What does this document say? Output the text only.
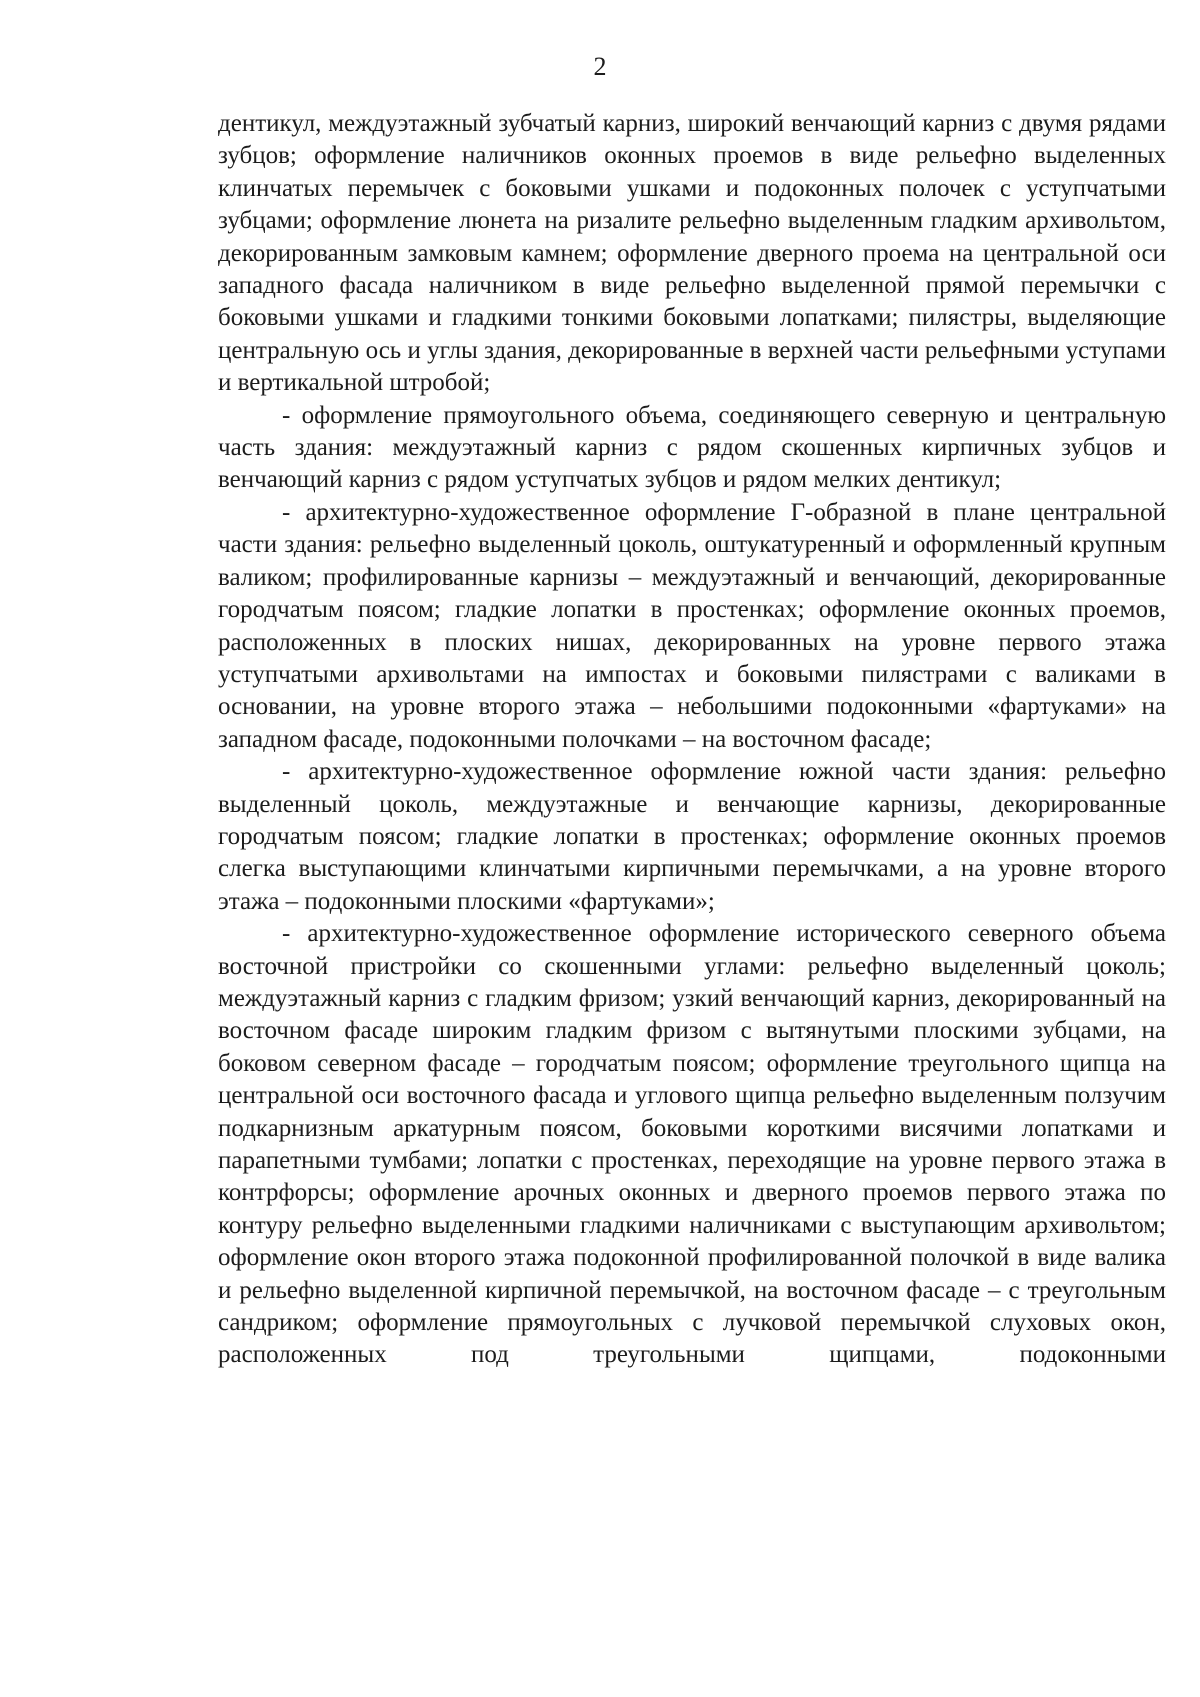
2

дентикул, междуэтажный зубчатый карниз, широкий венчающий карниз с двумя рядами зубцов; оформление наличников оконных проемов в виде рельефно выделенных клинчатых перемычек с боковыми ушками и подоконных полочек с уступчатыми зубцами; оформление люнета на ризалите рельефно выделенным гладким архивольтом, декорированным замковым камнем; оформление дверного проема на центральной оси западного фасада наличником в виде рельефно выделенной прямой перемычки с боковыми ушками и гладкими тонкими боковыми лопатками; пилястры, выделяющие центральную ось и углы здания, декорированные в верхней части рельефными уступами и вертикальной штробой;

- оформление прямоугольного объема, соединяющего северную и центральную часть здания: междуэтажный карниз с рядом скошенных кирпичных зубцов и венчающий карниз с рядом уступчатых зубцов и рядом мелких дентикул;

- архитектурно-художественное оформление Г-образной в плане центральной части здания: рельефно выделенный цоколь, оштукатуренный и оформленный крупным валиком; профилированные карнизы – междуэтажный и венчающий, декорированные городчатым поясом; гладкие лопатки в простенках; оформление оконных проемов, расположенных в плоских нишах, декорированных на уровне первого этажа уступчатыми архивольтами на импостах и боковыми пилястрами с валиками в основании, на уровне второго этажа – небольшими подоконными «фартуками» на западном фасаде, подоконными полочками – на восточном фасаде;

- архитектурно-художественное оформление южной части здания: рельефно выделенный цоколь, междуэтажные и венчающие карнизы, декорированные городчатым поясом; гладкие лопатки в простенках; оформление оконных проемов слегка выступающими клинчатыми кирпичными перемычками, а на уровне второго этажа – подоконными плоскими «фартуками»;

- архитектурно-художественное оформление исторического северного объема восточной пристройки со скошенными углами: рельефно выделенный цоколь; междуэтажный карниз с гладким фризом; узкий венчающий карниз, декорированный на восточном фасаде широким гладким фризом с вытянутыми плоскими зубцами, на боковом северном фасаде – городчатым поясом; оформление треугольного щипца на центральной оси восточного фасада и углового щипца рельефно выделенным ползучим подкарнизным аркатурным поясом, боковыми короткими висячими лопатками и парапетными тумбами; лопатки с простенках, переходящие на уровне первого этажа в контрфорсы; оформление арочных оконных и дверного проемов первого этажа по контуру рельефно выделенными гладкими наличниками с выступающим архивольтом; оформление окон второго этажа подоконной профилированной полочкой в виде валика и рельефно выделенной кирпичной перемычкой, на восточном фасаде – с треугольным сандриком; оформление прямоугольных с лучковой перемычкой слуховых окон, расположенных под треугольными щипцами, подоконными
